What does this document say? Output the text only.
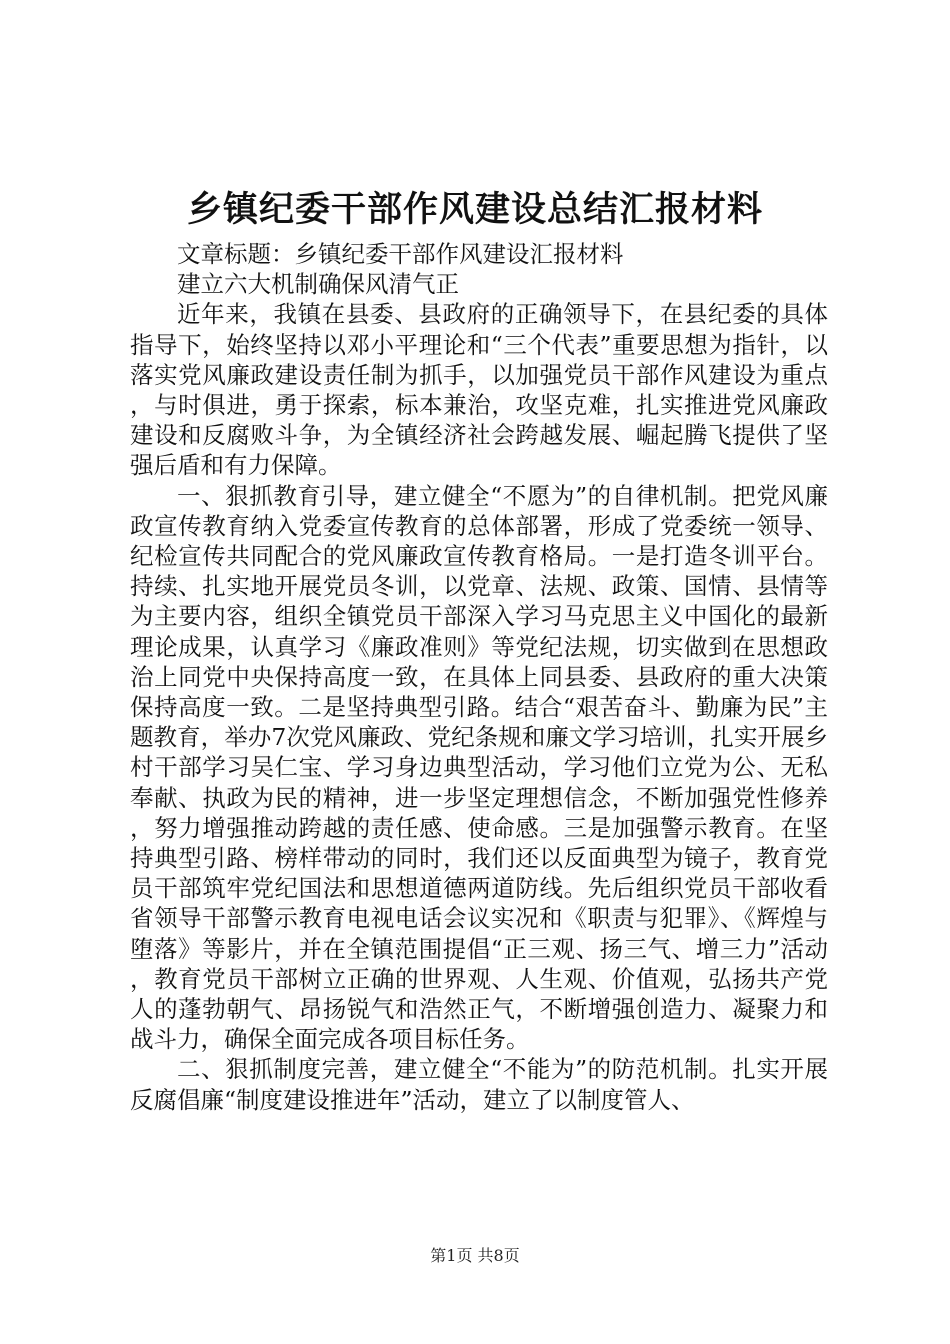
乡镇纪委干部作风建设总结汇报材料

文章标题：乡镇纪委干部作风建设汇报材料

建立六大机制确保风清气正

近年来，我镇在县委、县政府的正确领导下，在县纪委的具体指导下，始终坚持以邓小平理论和“三个代表”重要思想为指针，以落实党风廉政建设责任制为抓手，以加强党员干部作风建设为重点，与时俱进，勇于探索，标本兼治，攻坚克难，扎实推进党风廉政建设和反腐败斗争，为全镇经济社会跨越发展、崛起腾飞提供了坚强后盾和有力保障。

一、狠抓教育引导，建立健全“不愿为”的自律机制。把党风廉政宣传教育纳入党委宣传教育的总体部署，形成了党委统一领导、纪检宣传共同配合的党风廉政宣传教育格局。一是打造冬训平台。持续、扎实地开展党员冬训，以党章、法规、政策、国情、县情等为主要内容，组织全镇党员干部深入学习马克思主义中国化的最新理论成果，认真学习《廉政准则》等党纪法规，切实做到在思想政治上同党中央保持高度一致，在具体上同县委、县政府的重大决策保持高度一致。二是坚持典型引路。结合“艰苦奋斗、勤廉为民”主题教育，举办7次党风廉政、党纪条规和廉文学习培训，扎实开展乡村干部学习吴仁宝、学习身边典型活动，学习他们立党为公、无私奉献、执政为民的精神，进一步坚定理想信念，不断加强党性修养，努力增强推动跨越的责任感、使命感。三是加强警示教育。在坚持典型引路、榜样带动的同时，我们还以反面典型为镜子，教育党员干部筑牢党纪国法和思想道德两道防线。先后组织党员干部收看省领导干部警示教育电视电话会议实况和《职责与犯罪》、《辉煌与堕落》等影片，并在全镇范围提倡“正三观、扬三气、增三力”活动，教育党员干部树立正确的世界观、人生观、价值观，弘扬共产党人的蓬勃朝气、昂扬锐气和浩然正气，不断增强创造力、凝聚力和战斗力，确保全面完成各项目标任务。

二、狠抓制度完善，建立健全“不能为”的防范机制。扎实开展反腐倡廉“制度建设推进年”活动，建立了以制度管人、

第1页 共8页
